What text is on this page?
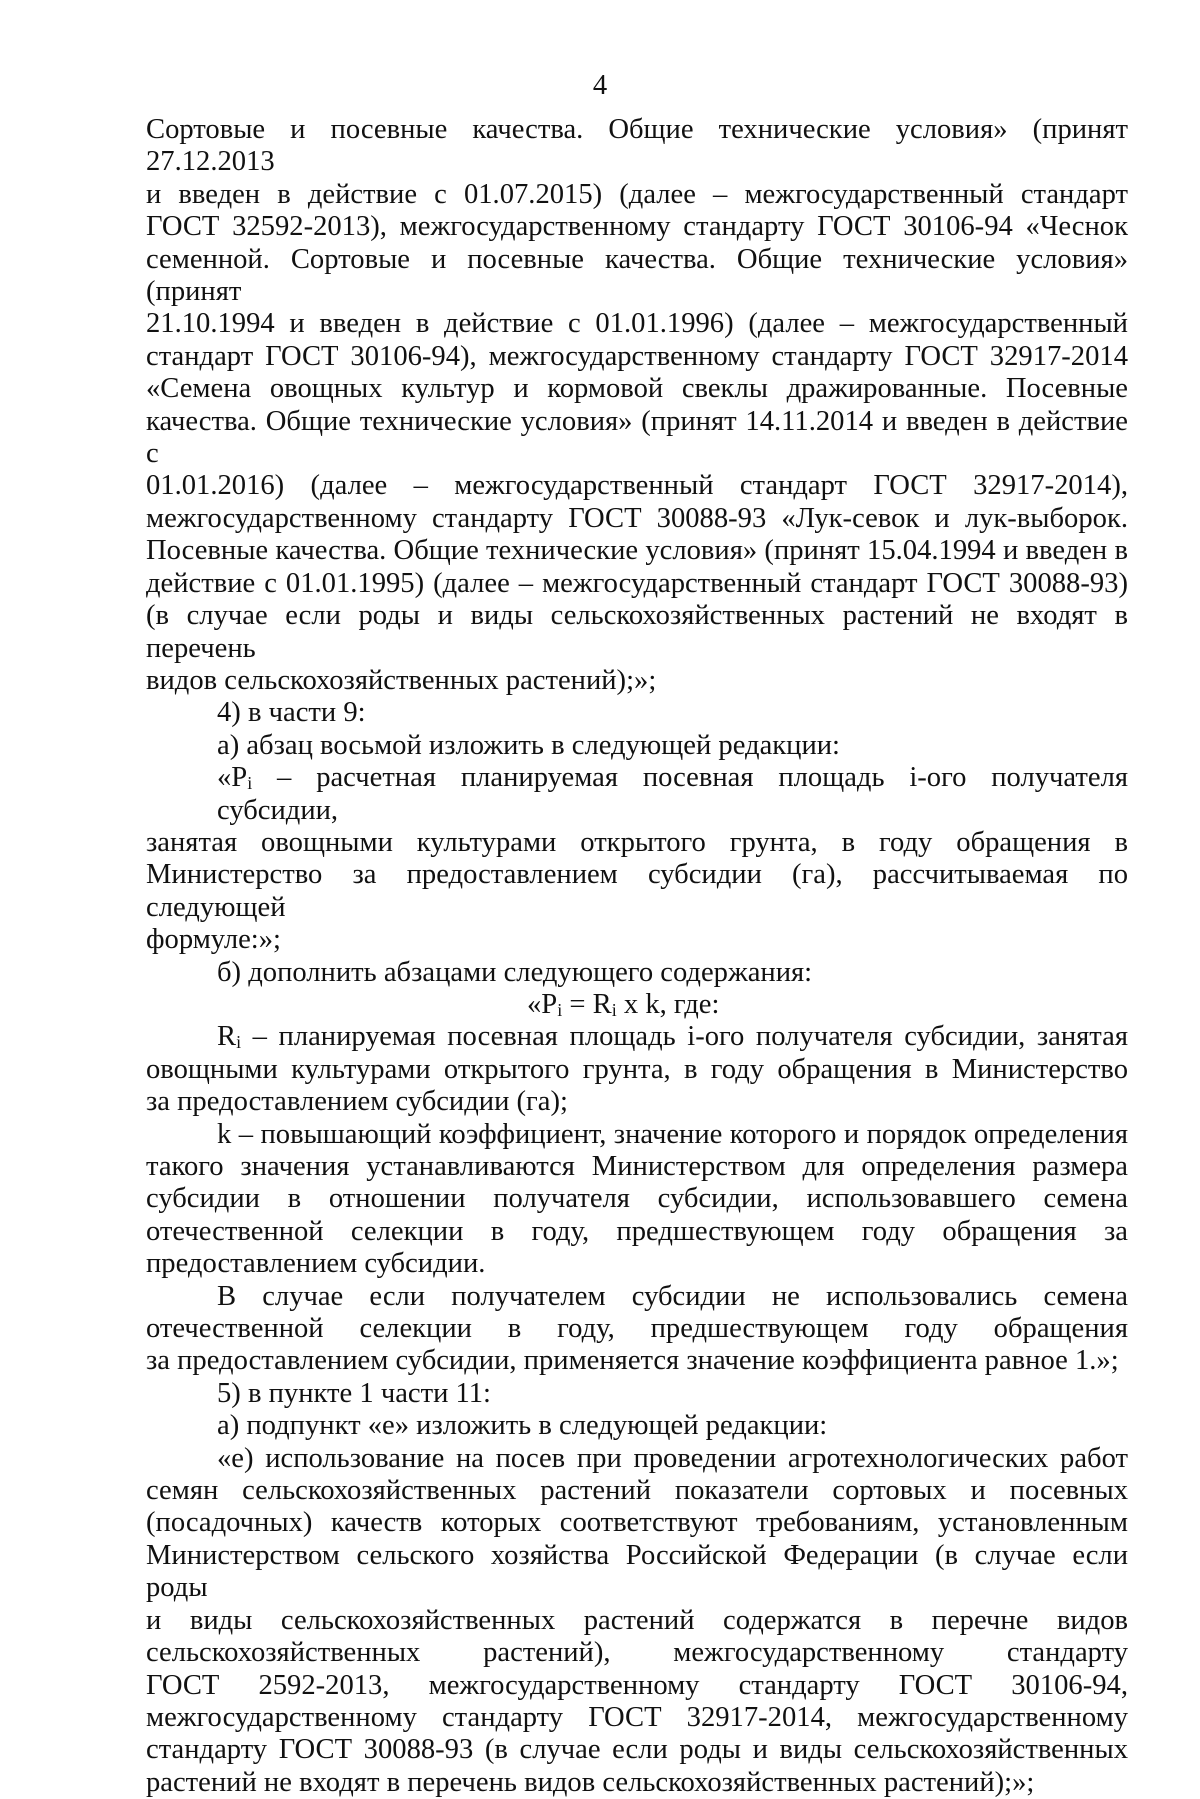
4
Сортовые и посевные качества. Общие технические условия» (принят 27.12.2013
и введен в действие с 01.07.2015) (далее – межгосударственный стандарт
ГОСТ 32592-2013), межгосударственному стандарту ГОСТ 30106-94 «Чеснок
семенной. Сортовые и посевные качества. Общие технические условия» (принят
21.10.1994 и введен в действие с 01.01.1996) (далее – межгосударственный
стандарт ГОСТ 30106-94), межгосударственному стандарту ГОСТ 32917-2014
«Семена овощных культур и кормовой свеклы дражированные. Посевные
качества. Общие технические условия» (принят 14.11.2014 и введен в действие с
01.01.2016) (далее – межгосударственный стандарт ГОСТ 32917-2014),
межгосударственному стандарту ГОСТ 30088-93 «Лук-севок и лук-выборок.
Посевные качества. Общие технические условия» (принят 15.04.1994 и введен в
действие с 01.01.1995) (далее – межгосударственный стандарт ГОСТ 30088-93)
(в случае если роды и виды сельскохозяйственных растений не входят в перечень
видов сельскохозяйственных растений);»;
4) в части 9:
а) абзац восьмой изложить в следующей редакции:
«$P_i$ – расчетная планируемая посевная площадь i-ого получателя субсидии,
занятая овощными культурами открытого грунта, в году обращения в
Министерство за предоставлением субсидии (га), рассчитываемая по следующей
формуле:»;
б) дополнить абзацами следующего содержания:
«$P_i = R_i$ x k, где:
$R_i$ – планируемая посевная площадь i-ого получателя субсидии, занятая
овощными культурами открытого грунта, в году обращения в Министерство
за предоставлением субсидии (га);
k – повышающий коэффициент, значение которого и порядок определения
такого значения устанавливаются Министерством для определения размера
субсидии в отношении получателя субсидии, использовавшего семена
отечественной селекции в году, предшествующем году обращения за
предоставлением субсидии.
В случае если получателем субсидии не использовались семена
отечественной селекции в году, предшествующем году обращения
за предоставлением субсидии, применяется значение коэффициента равное 1.»;
5) в пункте 1 части 11:
а) подпункт «е» изложить в следующей редакции:
«е) использование на посев при проведении агротехнологических работ
семян сельскохозяйственных растений показатели сортовых и посевных
(посадочных) качеств которых соответствуют требованиям, установленным
Министерством сельского хозяйства Российской Федерации (в случае если роды
и виды сельскохозяйственных растений содержатся в перечне видов
сельскохозяйственных растений), межгосударственному стандарту
ГОСТ 2592-2013, межгосударственному стандарту ГОСТ 30106-94,
межгосударственному стандарту ГОСТ 32917-2014, межгосударственному
стандарту ГОСТ 30088-93 (в случае если роды и виды сельскохозяйственных
растений не входят в перечень видов сельскохозяйственных растений);»;
